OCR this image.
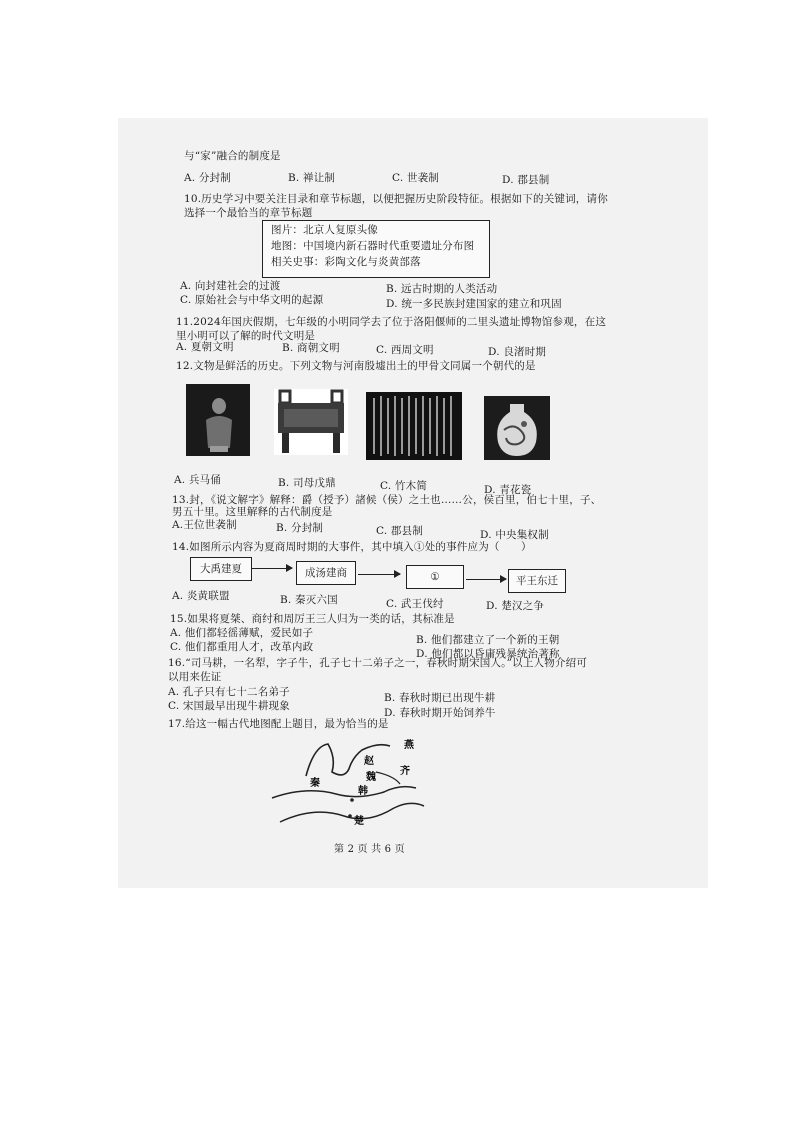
与“家”融合的制度是
A. 分封制	B. 禅让制	C. 世袭制	D. 郡县制
10.历史学习中要关注目录和章节标题，以便把握历史阶段特征。根据如下的关键词，请你
选择一个最恰当的章节标题
图片：北京人复原头像
地图：中国境内新石器时代重要遗址分布图
相关史事：彩陶文化与炎黄部落
A. 向封建社会的过渡	B. 远古时期的人类活动
C. 原始社会与中华文明的起源	D. 统一多民族封建国家的建立和巩固
11.2024年国庆假期，七年级的小明同学去了位于洛阳偃师的二里头遗址博物馆参观，在这
里小明可以了解的时代文明是
A. 夏朝文明	B. 商朝文明	C. 西周文明	D. 良渚时期
12.文物是鲜活的历史。下列文物与河南殷墟出土的甲骨文同属一个朝代的是
A. 兵马俑	B. 司母戊鼎	C. 竹木简	D. 青花瓷
13.封，《说文解字》解释：爵（授予）諸候（侯）之土也……公，侯百里，伯七十里，子、
男五十里。这里解释的古代制度是
A.王位世袭制	B. 分封制	C. 郡县制	D. 中央集权制
14.如图所示内容为夏商周时期的大事件，其中填入①处的事件应为（　　）
大禹建夏	成汤建商	①	平王东迁
A. 炎黄联盟	B. 秦灭六国	C. 武王伐纣	D. 楚汉之争
15.如果将夏桀、商纣和周厉王三人归为一类的话，其标准是
A. 他们都轻徭薄赋，爱民如子
B. 他们都建立了一个新的王朝
C. 他们都重用人才，改革内政
D. 他们都以昏庸残暴统治著称
16.“司马耕，一名犁，字子牛，孔子七十二弟子之一，春秋时期宋国人。”以上人物介绍可
以用来佐证
A. 孔子只有七十二名弟子	B. 春秋时期已出现牛耕
C. 宋国最早出现牛耕现象
D. 春秋时期开始饲养牛
17.给这一幅古代地图配上题目，最为恰当的是
燕
赵
齐
魏
秦
韩
楚
第 2 页 共 6 页
